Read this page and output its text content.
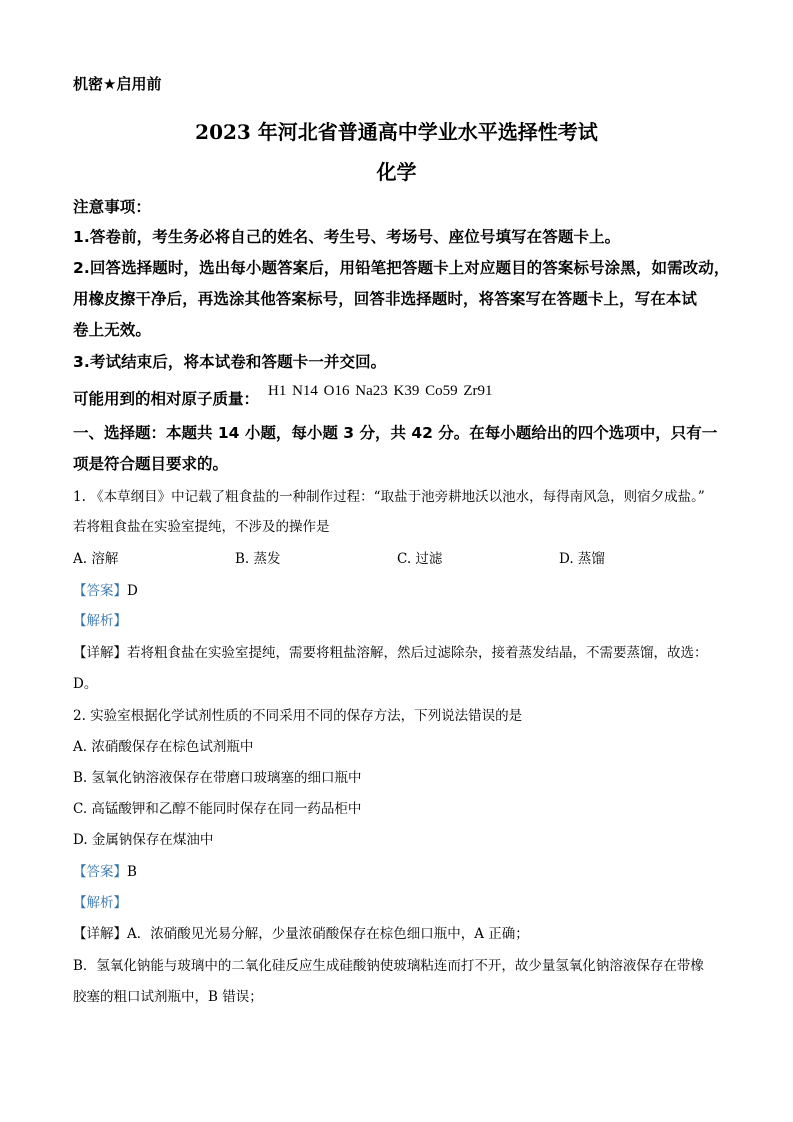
机密★启用前
2023 年河北省普通高中学业水平选择性考试
化学
注意事项：
1.答卷前，考生务必将自己的姓名、考生号、考场号、座位号填写在答题卡上。
2.回答选择题时，选出每小题答案后，用铅笔把答题卡上对应题目的答案标号涂黑，如需改动，
用橡皮擦干净后，再选涂其他答案标号，回答非选择题时，将答案写在答题卡上，写在本试
卷上无效。
3.考试结束后，将本试卷和答题卡一并交回。
可能用到的相对原子质量： H1 N14 O16 Na23 K39 Co59 Zr91
一、选择题：本题共 14 小题，每小题 3 分，共 42 分。在每小题给出的四个选项中，只有一
项是符合题目要求的。
1. 《本草纲目》中记载了粗食盐的一种制作过程：“取盐于池旁耕地沃以池水，每得南风急，则宿夕成盐。”
若将粗食盐在实验室提纯，不涉及的操作是
A. 溶解	B. 蒸发	C. 过滤	D. 蒸馏
【答案】D
【解析】
【详解】若将粗食盐在实验室提纯，需要将粗盐溶解，然后过滤除杂，接着蒸发结晶，不需要蒸馏，故选：
D。
2. 实验室根据化学试剂性质的不同采用不同的保存方法，下列说法错误的是
A. 浓硝酸保存在棕色试剂瓶中
B. 氢氧化钠溶液保存在带磨口玻璃塞的细口瓶中
C. 高锰酸钾和乙醇不能同时保存在同一药品柜中
D. 金属钠保存在煤油中
【答案】B
【解析】
【详解】A．浓硝酸见光易分解，少量浓硝酸保存在棕色细口瓶中，A 正确；
B．氢氧化钠能与玻璃中的二氧化硅反应生成硅酸钠使玻璃粘连而打不开，故少量氢氧化钠溶液保存在带橡
胶塞的粗口试剂瓶中，B 错误；
